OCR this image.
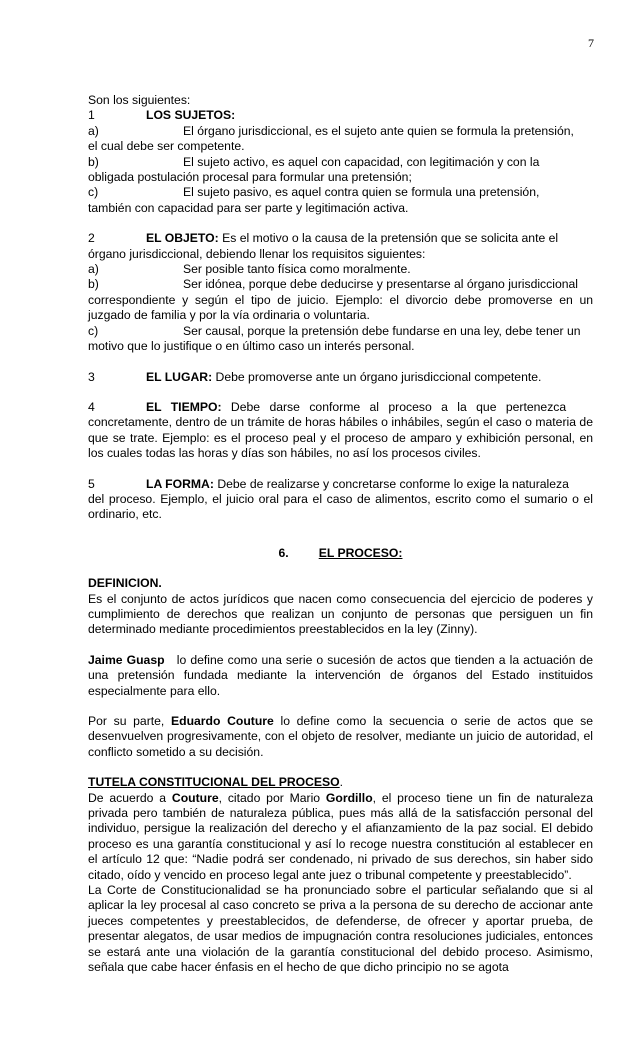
7

Son los siguientes:

1	LOS SUJETOS:

a)	El órgano jurisdiccional, es el sujeto ante quien se formula la pretensión,

el cual debe ser competente.

b)	El sujeto activo, es aquel con capacidad, con legitimación y con la

obligada postulación procesal para formular una pretensión;

c)	El sujeto pasivo, es aquel contra quien se formula una pretensión,

también con capacidad para ser parte y legitimación activa.

2	EL OBJETO: Es el motivo o la causa de la pretensión que se solicita ante el

órgano jurisdiccional, debiendo llenar los requisitos siguientes:

a)	Ser posible tanto física como moralmente.

b)	Ser idónea, porque debe deducirse y presentarse al órgano jurisdiccional

correspondiente y según el tipo de juicio. Ejemplo: el divorcio debe promoverse en un juzgado de familia y por la vía ordinaria o voluntaria.

c)	Ser causal, porque la pretensión debe fundarse en una ley, debe tener un

motivo que lo justifique o en último caso un interés personal.

3	EL LUGAR: Debe promoverse ante un órgano jurisdiccional competente.

4	EL TIEMPO: Debe darse conforme al proceso a la que pertenezca

concretamente, dentro de un trámite de horas hábiles o inhábiles, según el caso o materia de que se trate. Ejemplo: es el proceso peal y el proceso de amparo y exhibición personal, en los cuales todas las horas y días son hábiles, no así los procesos civiles.

5	LA FORMA: Debe de realizarse y concretarse conforme lo exige la naturaleza

del proceso. Ejemplo, el juicio oral para el caso de alimentos, escrito como el sumario o el ordinario, etc.

6. EL PROCESO:

DEFINICION.

Es el conjunto de actos jurídicos que nacen como consecuencia del ejercicio de poderes y cumplimiento de derechos que realizan un conjunto de personas que persiguen un fin determinado mediante procedimientos preestablecidos en la ley (Zinny).

Jaime Guasp lo define como una serie o sucesión de actos que tienden a la actuación de una pretensión fundada mediante la intervención de órganos del Estado instituidos especialmente para ello.

Por su parte, Eduardo Couture lo define como la secuencia o serie de actos que se desenvuelven progresivamente, con el objeto de resolver, mediante un juicio de autoridad, el conflicto sometido a su decisión.

TUTELA CONSTITUCIONAL DEL PROCESO.

De acuerdo a Couture, citado por Mario Gordillo, el proceso tiene un fin de naturaleza privada pero también de naturaleza pública, pues más allá de la satisfacción personal del individuo, persigue la realización del derecho y el afianzamiento de la paz social. El debido proceso es una garantía constitucional y así lo recoge nuestra constitución al establecer en el artículo 12 que: “Nadie podrá ser condenado, ni privado de sus derechos, sin haber sido citado, oído y vencido en proceso legal ante juez o tribunal competente y preestablecido”.

La Corte de Constitucionalidad se ha pronunciado sobre el particular señalando que si al aplicar la ley procesal al caso concreto se priva a la persona de su derecho de accionar ante jueces competentes y preestablecidos, de defenderse, de ofrecer y aportar prueba, de presentar alegatos, de usar medios de impugnación contra resoluciones judiciales, entonces se estará ante una violación de la garantía constitucional del debido proceso. Asimismo, señala que cabe hacer énfasis en el hecho de que dicho principio no se agota
